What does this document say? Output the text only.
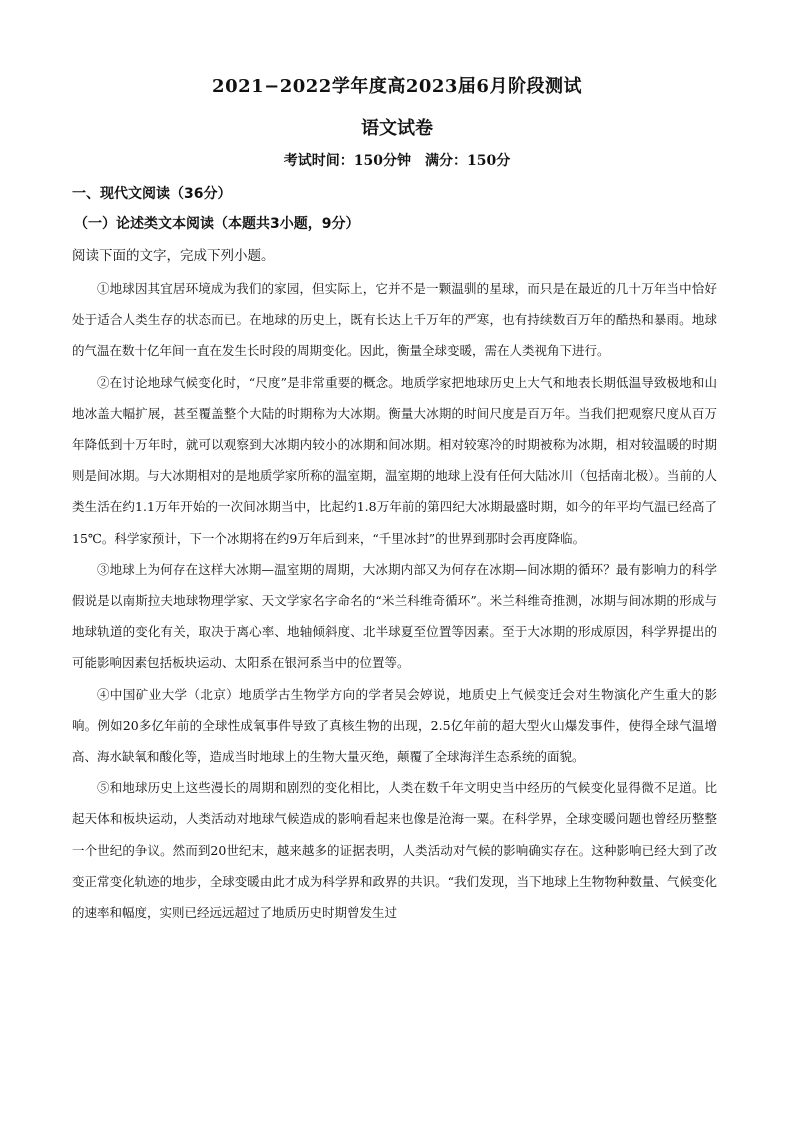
2021−2022学年度高2023届6月阶段测试
语文试卷
考试时间：150分钟　满分：150分
一、现代文阅读（36分）
（一）论述类文本阅读（本题共3小题，9分）
阅读下面的文字，完成下列小题。

①地球因其宜居环境成为我们的家园，但实际上，它并不是一颗温驯的星球，而只是在最近的几十万年当中恰好处于适合人类生存的状态而已。在地球的历史上，既有长达上千万年的严寒，也有持续数百万年的酷热和暴雨。地球的气温在数十亿年间一直在发生长时段的周期变化。因此，衡量全球变暖，需在人类视角下进行。

②在讨论地球气候变化时，“尺度”是非常重要的概念。地质学家把地球历史上大气和地表长期低温导致极地和山地冰盖大幅扩展，甚至覆盖整个大陆的时期称为大冰期。衡量大冰期的时间尺度是百万年。当我们把观察尺度从百万年降低到十万年时，就可以观察到大冰期内较小的冰期和间冰期。相对较寒冷的时期被称为冰期，相对较温暖的时期则是间冰期。与大冰期相对的是地质学家所称的温室期，温室期的地球上没有任何大陆冰川（包括南北极）。当前的人类生活在约1.1万年开始的一次间冰期当中，比起约1.8万年前的第四纪大冰期最盛时期，如今的年平均气温已经高了15℃。科学家预计，下一个冰期将在约9万年后到来，“千里冰封”的世界到那时会再度降临。

③地球上为何存在这样大冰期—温室期的周期，大冰期内部又为何存在冰期—间冰期的循环？最有影响力的科学假说是以南斯拉夫地球物理学家、天文学家名字命名的“米兰科维奇循环”。米兰科维奇推测，冰期与间冰期的形成与地球轨道的变化有关，取决于离心率、地轴倾斜度、北半球夏至位置等因素。至于大冰期的形成原因，科学界提出的可能影响因素包括板块运动、太阳系在银河系当中的位置等。

④中国矿业大学（北京）地质学古生物学方向的学者吴会婷说，地质史上气候变迁会对生物演化产生重大的影响。例如20多亿年前的全球性成氧事件导致了真核生物的出现，2.5亿年前的超大型火山爆发事件，使得全球气温增高、海水缺氧和酸化等，造成当时地球上的生物大量灭绝，颠覆了全球海洋生态系统的面貌。

⑤和地球历史上这些漫长的周期和剧烈的变化相比，人类在数千年文明史当中经历的气候变化显得微不足道。比起天体和板块运动，人类活动对地球气候造成的影响看起来也像是沧海一粟。在科学界，全球变暖问题也曾经历整整一个世纪的争议。然而到20世纪末，越来越多的证据表明，人类活动对气候的影响确实存在。这种影响已经大到了改变正常变化轨迹的地步，全球变暖由此才成为科学界和政界的共识。“我们发现，当下地球上生物物种数量、气候变化的速率和幅度，实则已经远远超过了地质历史时期曾发生过
